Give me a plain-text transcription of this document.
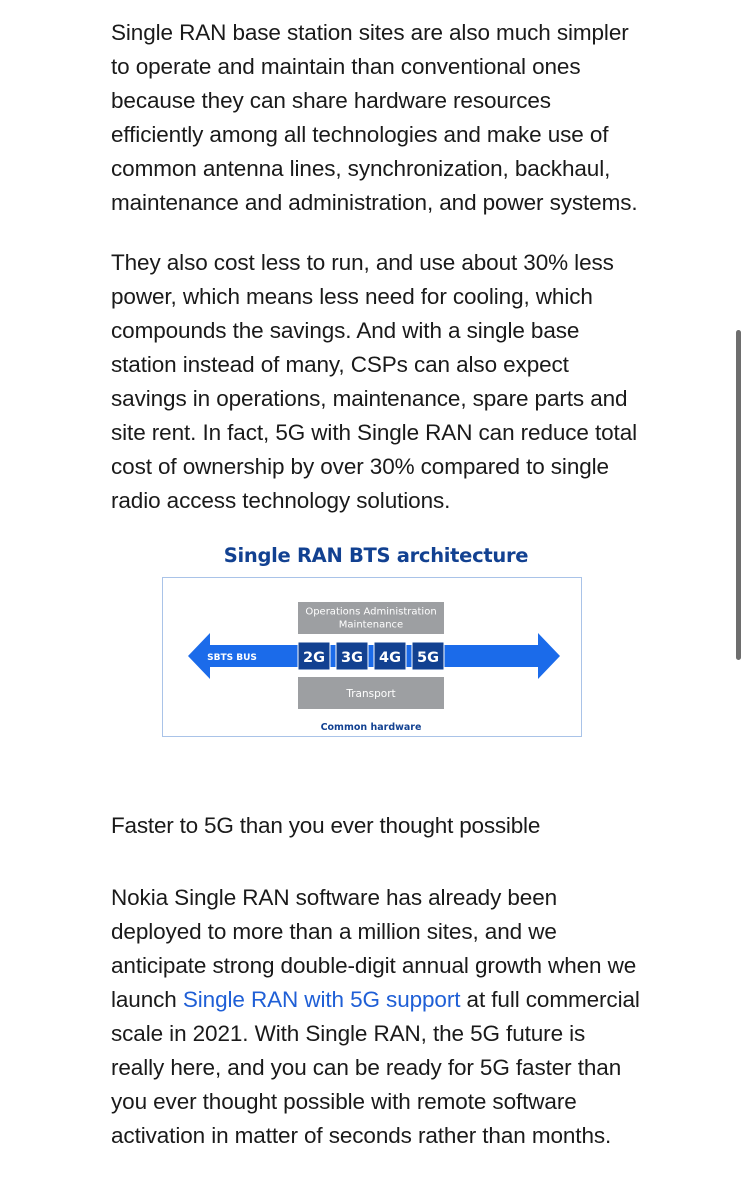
Single RAN base station sites are also much simpler to operate and maintain than conventional ones because they can share hardware resources efficiently among all technologies and make use of common antenna lines, synchronization, backhaul, maintenance and administration, and power systems.

They also cost less to run, and use about 30% less power, which means less need for cooling, which compounds the savings. And with a single base station instead of many, CSPs can also expect savings in operations, maintenance, spare parts and site rent. In fact, 5G with Single RAN can reduce total cost of ownership by over 30% compared to single radio access technology solutions.

Single RAN BTS architecture
Operations Administration
Maintenance
SBTS BUS	2G 3G 4G 5G
Transport
Common hardware
Faster to 5G than you ever thought possible

Nokia Single RAN software has already been deployed to more than a million sites, and we anticipate strong double-digit annual growth when we launch Single RAN with 5G support at full commercial scale in 2021. With Single RAN, the 5G future is really here, and you can be ready for 5G faster than you ever thought possible with remote software activation in matter of seconds rather than months.
